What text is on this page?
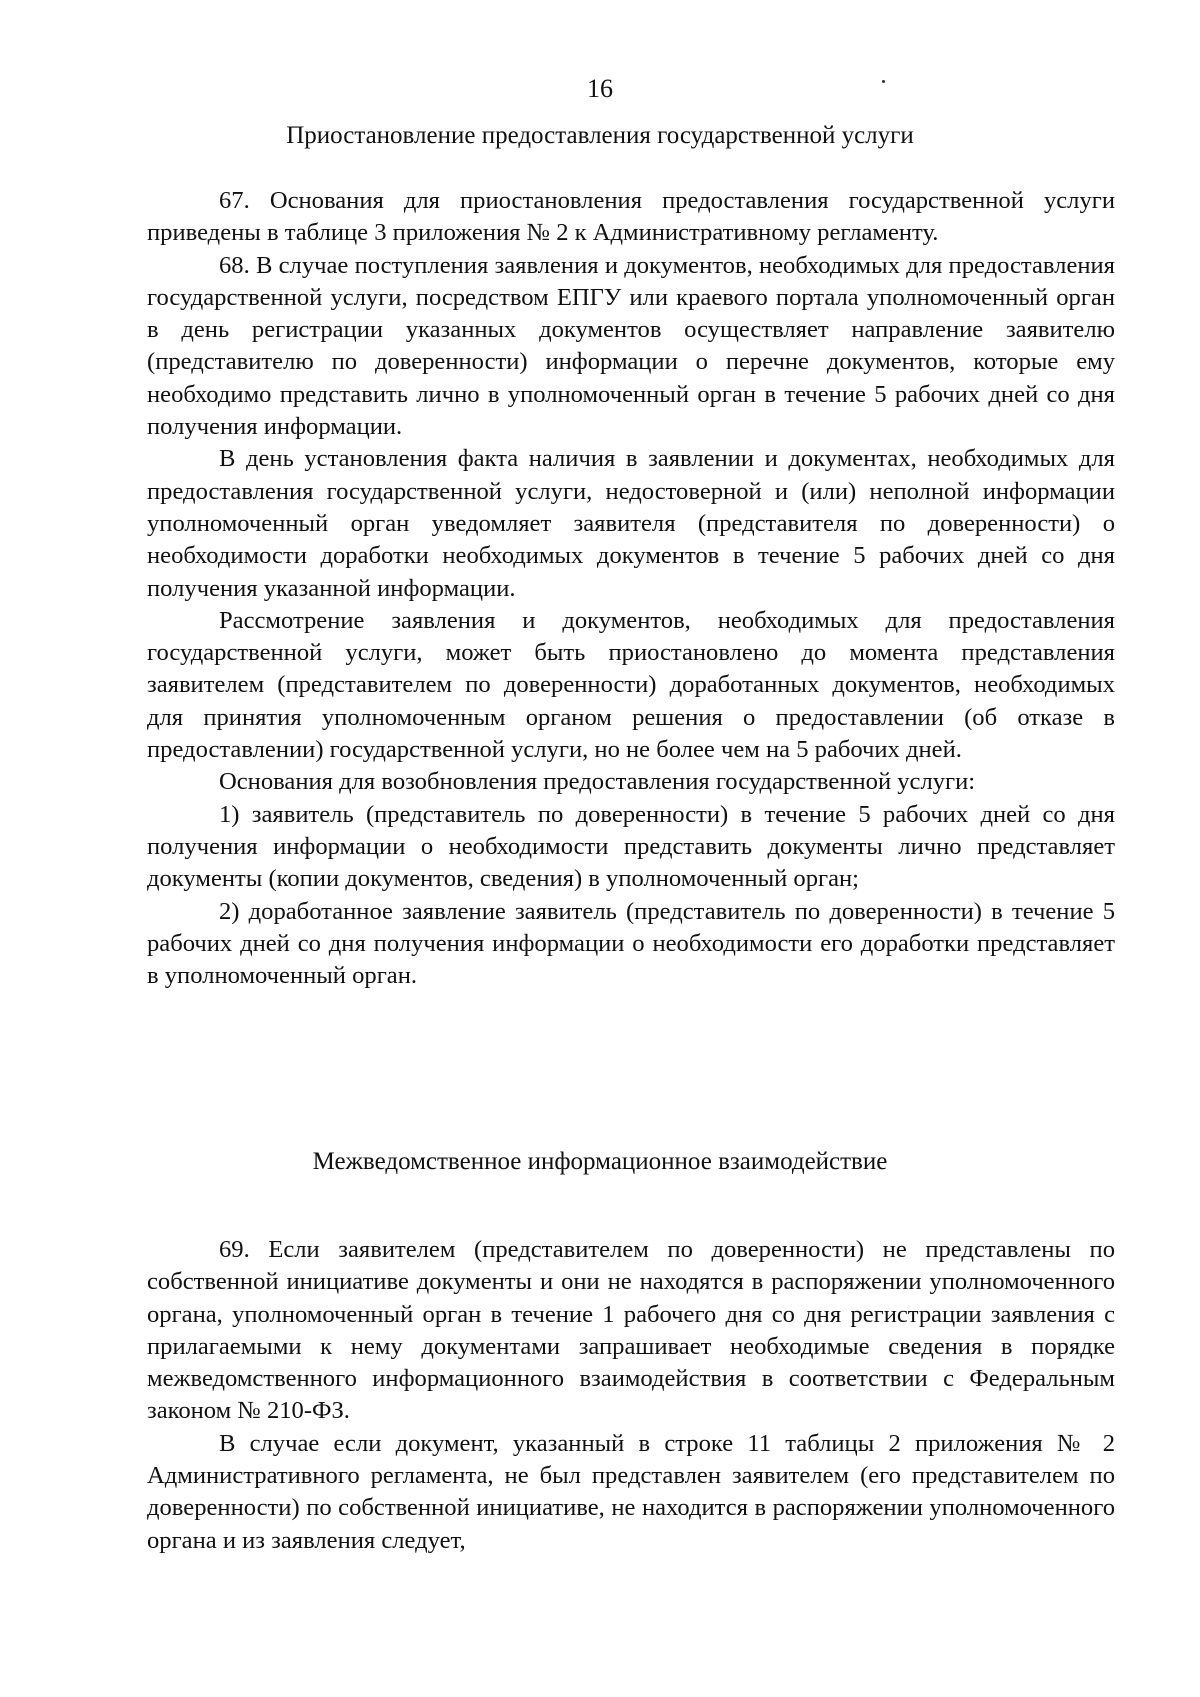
16
Приостановление предоставления государственной услуги

67. Основания для приостановления предоставления государственной услуги приведены в таблице 3 приложения № 2 к Административному регламенту.

68. В случае поступления заявления и документов, необходимых для предоставления государственной услуги, посредством ЕПГУ или краевого портала уполномоченный орган в день регистрации указанных документов осуществляет направление заявителю (представителю по доверенности) информации о перечне документов, которые ему необходимо представить лично в уполномоченный орган в течение 5 рабочих дней со дня получения информации.

В день установления факта наличия в заявлении и документах, необходимых для предоставления государственной услуги, недостоверной и (или) неполной информации уполномоченный орган уведомляет заявителя (представителя по доверенности) о необходимости доработки необходимых документов в течение 5 рабочих дней со дня получения указанной информации.

Рассмотрение заявления и документов, необходимых для предоставления государственной услуги, может быть приостановлено до момента представления заявителем (представителем по доверенности) доработанных документов, необходимых для принятия уполномоченным органом решения о предоставлении (об отказе в предоставлении) государственной услуги, но не более чем на 5 рабочих дней.

Основания для возобновления предоставления государственной услуги:

1) заявитель (представитель по доверенности) в течение 5 рабочих дней со дня получения информации о необходимости представить документы лично представляет документы (копии документов, сведения) в уполномоченный орган;

2) доработанное заявление заявитель (представитель по доверенности) в течение 5 рабочих дней со дня получения информации о необходимости его доработки представляет в уполномоченный орган.

Межведомственное информационное взаимодействие

69. Если заявителем (представителем по доверенности) не представлены по собственной инициативе документы и они не находятся в распоряжении уполномоченного органа, уполномоченный орган в течение 1 рабочего дня со дня регистрации заявления с прилагаемыми к нему документами запрашивает необходимые сведения в порядке межведомственного информационного взаимодействия в соответствии с Федеральным законом № 210-ФЗ.

В случае если документ, указанный в строке 11 таблицы 2 приложения № 2 Административного регламента, не был представлен заявителем (его представителем по доверенности) по собственной инициативе, не находится в распоряжении уполномоченного органа и из заявления следует,
